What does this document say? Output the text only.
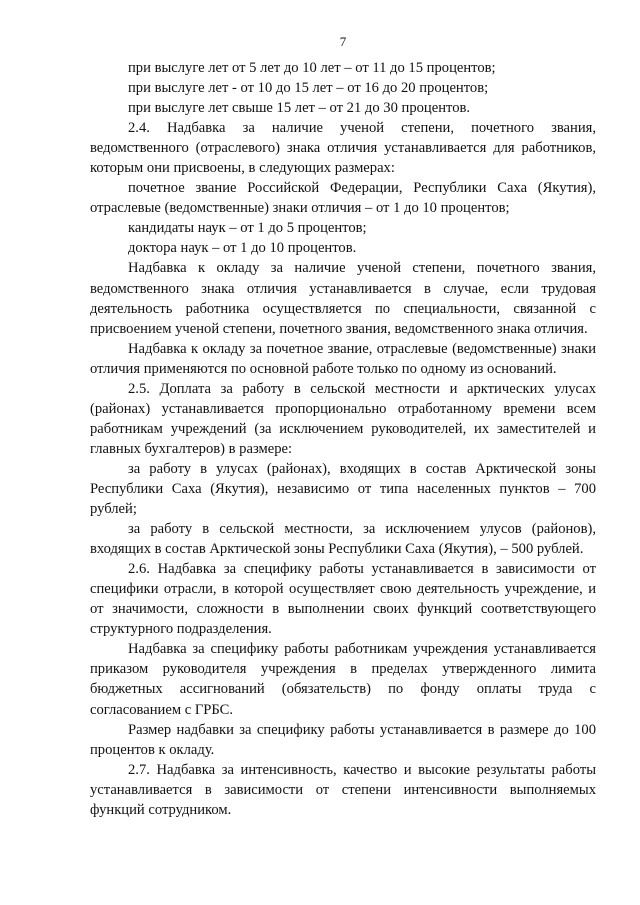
7

при выслуге лет от 5 лет до 10 лет – от 11 до 15 процентов;

при выслуге лет - от 10 до 15 лет – от 16 до 20 процентов;

при выслуге лет свыше 15 лет – от 21 до 30 процентов.

2.4. Надбавка за наличие ученой степени, почетного звания, ведомственного (отраслевого) знака отличия устанавливается для работников, которым они присвоены, в следующих размерах:

почетное звание Российской Федерации, Республики Саха (Якутия), отраслевые (ведомственные) знаки отличия – от 1 до 10 процентов;

кандидаты наук – от 1 до 5 процентов;

доктора наук – от 1 до 10 процентов.

Надбавка к окладу за наличие ученой степени, почетного звания, ведомственного знака отличия устанавливается в случае, если трудовая деятельность работника осуществляется по специальности, связанной с присвоением ученой степени, почетного звания, ведомственного знака отличия.

Надбавка к окладу за почетное звание, отраслевые (ведомственные) знаки отличия применяются по основной работе только по одному из оснований.

2.5. Доплата за работу в сельской местности и арктических улусах (районах) устанавливается пропорционально отработанному времени всем работникам учреждений (за исключением руководителей, их заместителей и главных бухгалтеров) в размере:

за работу в улусах (районах), входящих в состав Арктической зоны Республики Саха (Якутия), независимо от типа населенных пунктов – 700 рублей;

за работу в сельской местности, за исключением улусов (районов), входящих в состав Арктической зоны Республики Саха (Якутия), – 500 рублей.

2.6. Надбавка за специфику работы устанавливается в зависимости от специфики отрасли, в которой осуществляет свою деятельность учреждение, и от значимости, сложности в выполнении своих функций соответствующего структурного подразделения.

Надбавка за специфику работы работникам учреждения устанавливается приказом руководителя учреждения в пределах утвержденного лимита бюджетных ассигнований (обязательств) по фонду оплаты труда с согласованием с ГРБС.

Размер надбавки за специфику работы устанавливается в размере до 100 процентов к окладу.

2.7. Надбавка за интенсивность, качество и высокие результаты работы устанавливается в зависимости от степени интенсивности выполняемых функций сотрудником.
